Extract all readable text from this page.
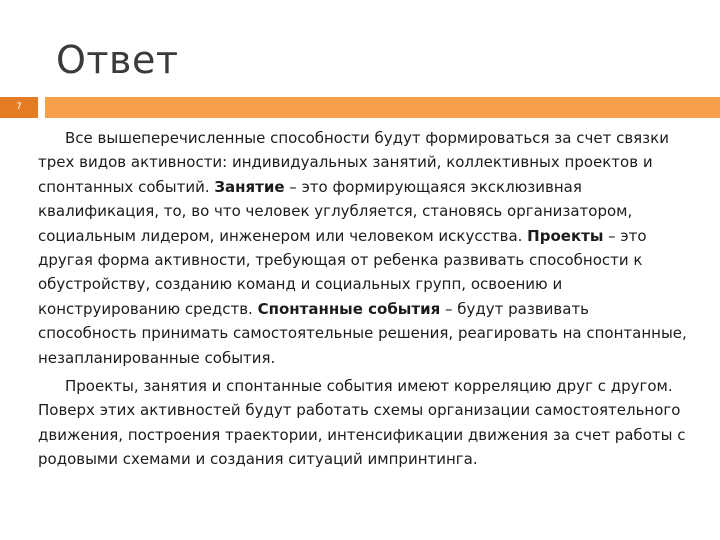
Ответ
7

Все вышеперечисленные способности будут формироваться за счет связки трех видов активности: индивидуальных занятий, коллективных проектов и спонтанных событий. Занятие – это формирующаяся эксклюзивная квалификация, то, во что человек углубляется, становясь организатором, социальным лидером, инженером или человеком искусства. Проекты – это другая форма активности, требующая от ребенка развивать способности к обустройству, созданию команд и социальных групп, освоению и конструированию средств. Спонтанные события – будут развивать способность принимать самостоятельные решения, реагировать на спонтанные, незапланированные события.

Проекты, занятия и спонтанные события имеют корреляцию друг с другом. Поверх этих активностей будут работать схемы организации самостоятельного движения, построения траектории, интенсификации движения за счет работы с родовыми схемами и создания ситуаций импринтинга.
